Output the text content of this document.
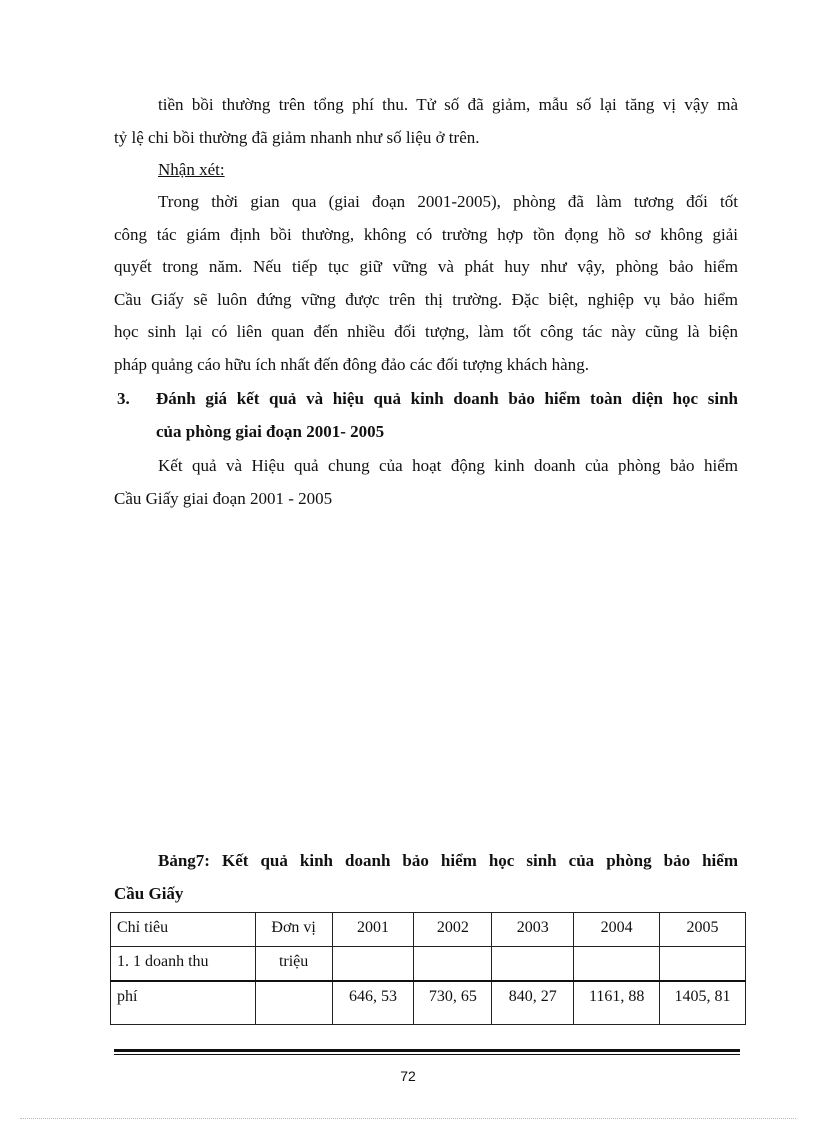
tiền bồi thường trên tổng phí thu. Tử số đã giảm, mẫu số lại tăng vị vậy mà
tỷ lệ chi bồi thường đã giảm nhanh như số liệu ở trên.
Nhận xét:
Trong thời gian qua (giai đoạn 2001-2005), phòng đã làm tương đối tốt
công tác giám định bồi thường, không có trường hợp tồn đọng hồ sơ không giải
quyết trong năm. Nếu tiếp tục giữ vững và phát huy như vậy, phòng bảo hiểm
Cầu Giấy sẽ luôn đứng vững được trên thị trường. Đặc biệt, nghiệp vụ bảo hiểm
học sinh lại có liên quan đến nhiều đối tượng, làm tốt công tác này cũng là biện
pháp quảng cáo hữu ích nhất đến đông đảo các đối tượng khách hàng.
3. Đánh giá kết quả và hiệu quả kinh doanh bảo hiểm toàn diện học sinh
của phòng giai đoạn 2001- 2005
Kết quả và Hiệu quả chung của hoạt động kinh doanh của phòng bảo hiểm
Cầu Giấy giai đoạn 2001 - 2005
Bảng7: Kết quả kinh doanh bảo hiểm học sinh của phòng bảo hiểm
Cầu Giấy
Chỉ tiêu	Đơn vị	2001	2002	2003	2004	2005
1. 1 doanh thu	triệu					
phí		646, 53	730, 65	840, 27	1161, 88	1405, 81
72
